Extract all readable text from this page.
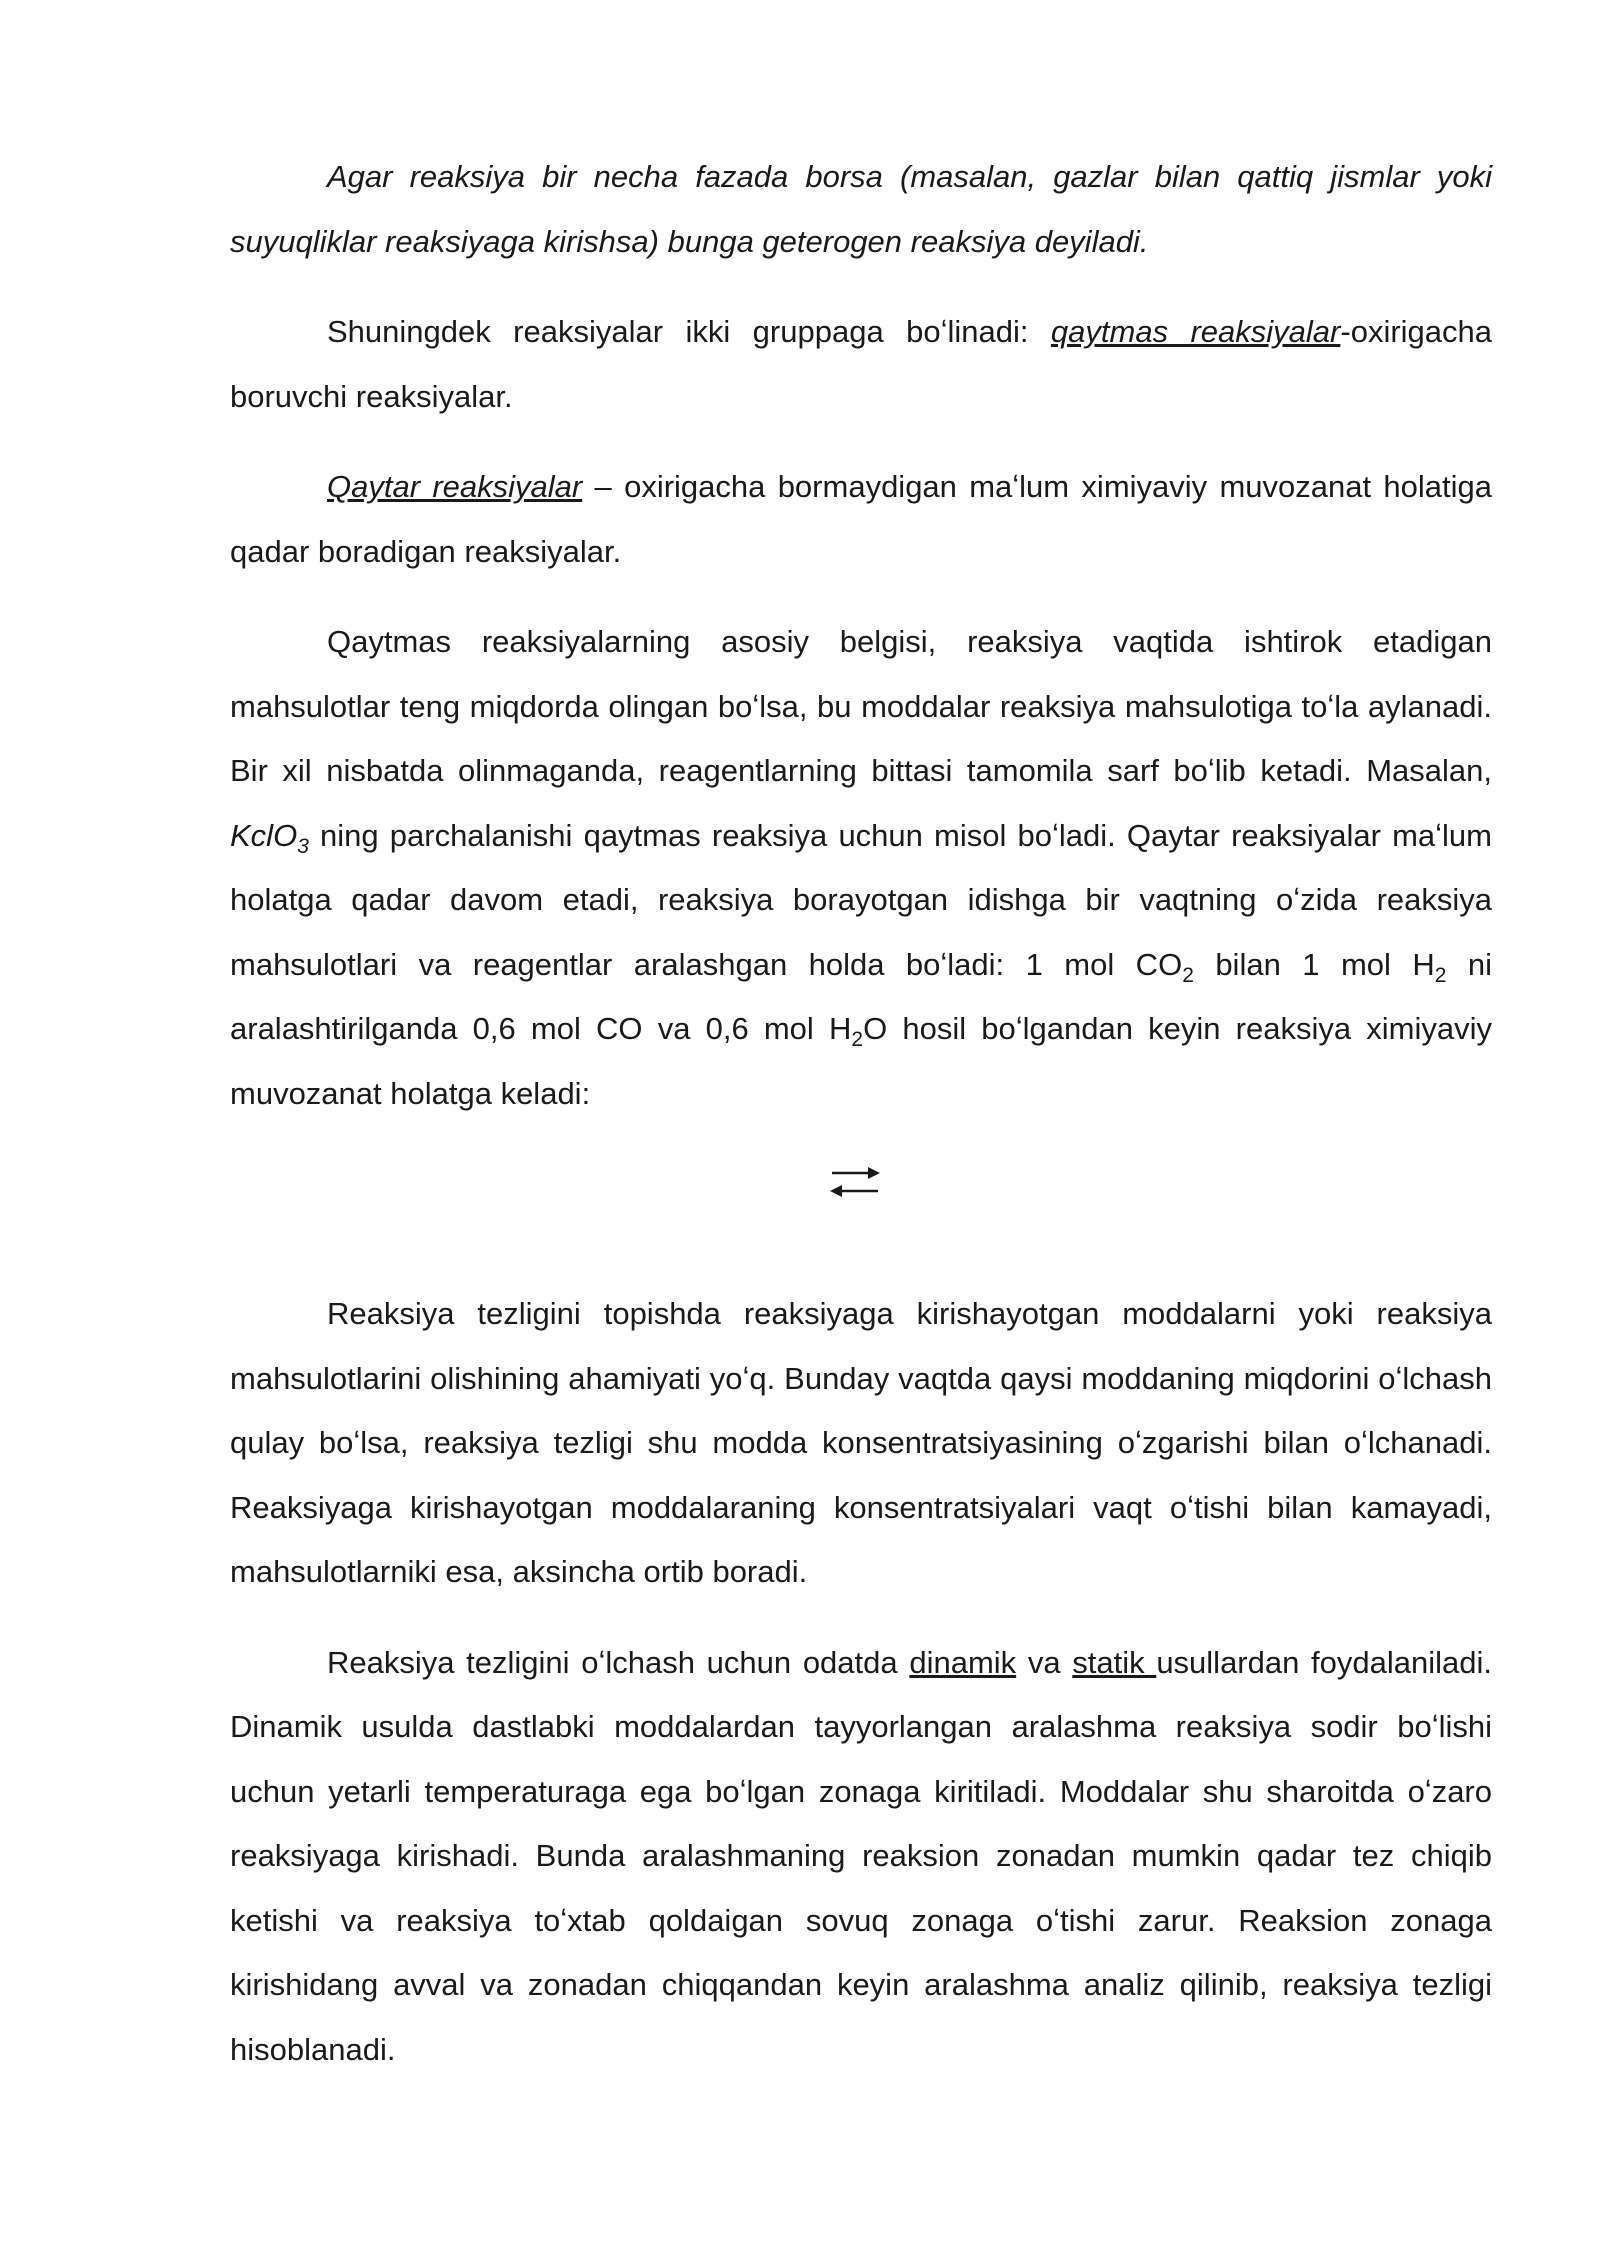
Agar reaksiya bir necha fazada borsa (masalan, gazlar bilan qattiq jismlar yoki suyuqliklar reaksiyaga kirishsa) bunga geterogen reaksiya deyiladi.

Shuningdek reaksiyalar ikki gruppaga boʻlinadi: qaytmas reaksiyalar-oxirigacha boruvchi reaksiyalar.

Qaytar reaksiyalar – oxirigacha bormaydigan maʻlum ximiyaviy muvozanat holatiga qadar boradigan reaksiyalar.

Qaytmas reaksiyalarning asosiy belgisi, reaksiya vaqtida ishtirok etadigan mahsulotlar teng miqdorda olingan boʻlsa, bu moddalar reaksiya mahsulotiga toʻla aylanadi. Bir xil nisbatda olinmaganda, reagentlarning bittasi tamomila sarf boʻlib ketadi. Masalan, KclO$_3$ ning parchalanishi qaytmas reaksiya uchun misol boʻladi. Qaytar reaksiyalar maʻlum holatga qadar davom etadi, reaksiya borayotgan idishga bir vaqtning oʻzida reaksiya mahsulotlari va reagentlar aralashgan holda boʻladi: 1 mol $CO_2$ bilan 1 mol $H_2$ ni aralashtirilganda 0,6 mol CO va 0,6 mol $H_2O$ hosil boʻlgandan keyin reaksiya ximiyaviy muvozanat holatga keladi:

Reaksiya tezligini topishda reaksiyaga kirishayotgan moddalarni yoki reaksiya mahsulotlarini olishining ahamiyati yoʻq. Bunday vaqtda qaysi moddaning miqdorini oʻlchash qulay boʻlsa, reaksiya tezligi shu modda konsentratsiyasining oʻzgarishi bilan oʻlchanadi. Reaksiyaga kirishayotgan moddalaraning konsentratsiyalari vaqt oʻtishi bilan kamayadi, mahsulotlarniki esa, aksincha ortib boradi.

Reaksiya tezligini oʻlchash uchun odatda dinamik va statik usullardan foydalaniladi. Dinamik usulda dastlabki moddalardan tayyorlangan aralashma reaksiya sodir boʻlishi uchun yetarli temperaturaga ega boʻlgan zonaga kiritiladi. Moddalar shu sharoitda oʻzaro reaksiyaga kirishadi. Bunda aralashmaning reaksion zonadan mumkin qadar tez chiqib ketishi va reaksiya toʻxtab qoldaigan sovuq zonaga oʻtishi zarur. Reaksion zonaga kirishidang avval va zonadan chiqqandan keyin aralashma analiz qilinib, reaksiya tezligi hisoblanadi.
